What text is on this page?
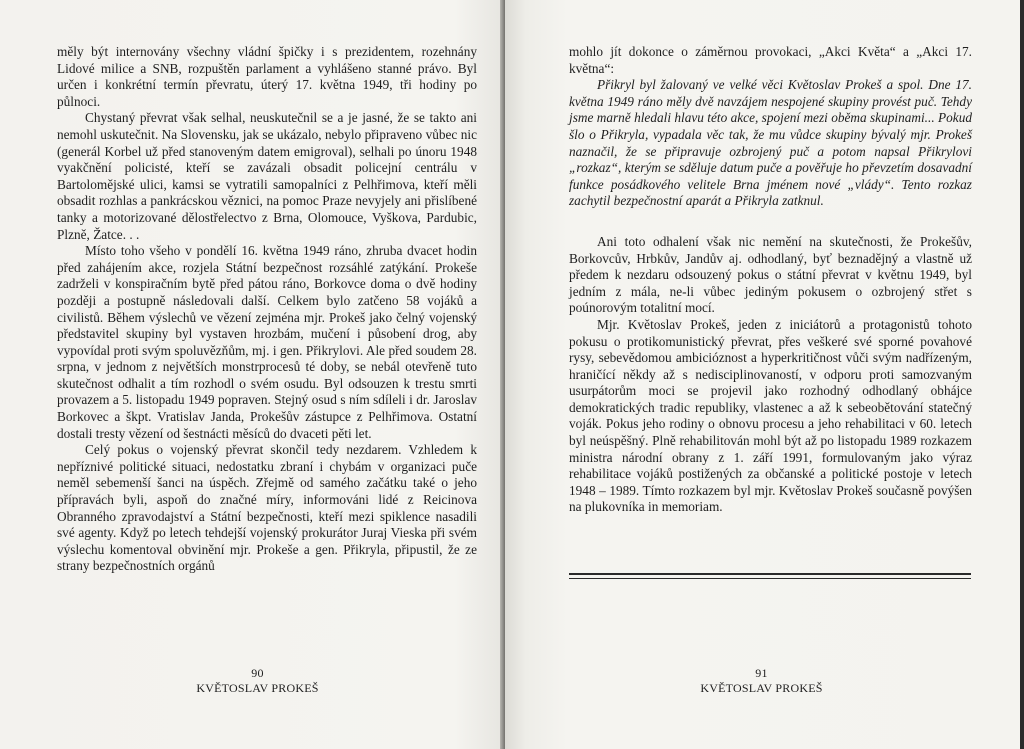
měly být internovány všechny vládní špičky i s prezidentem, rozehnány Lidové milice a SNB, rozpuštěn parlament a vyhlášeno stanné právo. Byl určen i konkrétní termín převratu, úterý 17. května 1949, tři hodiny po půlnoci.

Chystaný převrat však selhal, neuskutečnil se a je jasné, že se takto ani nemohl uskutečnit. Na Slovensku, jak se ukázalo, nebylo připraveno vůbec nic (generál Korbel už před stanoveným datem emigroval), selhali po únoru 1948 vyakčnění policisté, kteří se zavázali obsadit policejní centrálu v Bartolomějské ulici, kamsi se vytratili samopalníci z Pelhřimova, kteří měli obsadit rozhlas a pankrácskou věznici, na pomoc Praze nevyjely ani přislíbené tanky a motorizované dělostřelectvo z Brna, Olomouce, Vyškova, Pardubic, Plzně, Žatce. . .

Místo toho všeho v pondělí 16. května 1949 ráno, zhruba dvacet hodin před zahájením akce, rozjela Státní bezpečnost rozsáhlé zatýkání. Prokeše zadrželi v konspiračním bytě před pátou ráno, Borkovce doma o dvě hodiny později a postupně následovali další. Celkem bylo zatčeno 58 vojáků a civilistů. Během výslechů ve vězení zejména mjr. Prokeš jako čelný vojenský představitel skupiny byl vystaven hrozbám, mučení i působení drog, aby vypovídal proti svým spoluvězňům, mj. i gen. Přikrylovi. Ale před soudem 28. srpna, v jednom z největších monstrprocesů té doby, se nebál otevřeně tuto skutečnost odhalit a tím rozhodl o svém osudu. Byl odsouzen k trestu smrti provazem a 5. listopadu 1949 popraven. Stejný osud s ním sdíleli i dr. Jaroslav Borkovec a škpt. Vratislav Janda, Prokešův zástupce z Pelhřimova. Ostatní dostali tresty vězení od šestnácti měsíců do dvaceti pěti let.

Celý pokus o vojenský převrat skončil tedy nezdarem. Vzhledem k nepříznivé politické situaci, nedostatku zbraní i chybám v organizaci puče neměl sebemenší šanci na úspěch. Zřejmě od samého začátku také o jeho přípravách byli, aspoň do značné míry, informováni lidé z Reicinova Obranného zpravodajství a Státní bezpečnosti, kteří mezi spiklence nasadili své agenty. Když po letech tehdejší vojenský prokurátor Juraj Vieska při svém výslechu komentoval obvinění mjr. Prokeše a gen. Přikryla, připustil, že ze strany bezpečnostních orgánů

90
KVĚTOSLAV PROKEŠ

mohlo jít dokonce o záměrnou provokaci, „Akci Květa“ a „Akci 17. května“:

Přikryl byl žalovaný ve velké věci Květoslav Prokeš a spol. Dne 17. května 1949 ráno měly dvě navzájem nespojené skupiny provést puč. Tehdy jsme marně hledali hlavu této akce, spojení mezi oběma skupinami... Pokud šlo o Přikryla, vypadala věc tak, že mu vůdce skupiny bývalý mjr. Prokeš naznačil, že se připravuje ozbrojený puč a potom napsal Přikrylovi „rozkaz“, kterým se sděluje datum puče a pověřuje ho převzetím dosavadní funkce posádkového velitele Brna jménem nové „vlády“. Tento rozkaz zachytil bezpečnostní aparát a Přikryla zatknul.

Ani toto odhalení však nic nemění na skutečnosti, že Prokešův, Borkovcův, Hrbkův, Jandův aj. odhodlaný, byť beznadějný a vlastně už předem k nezdaru odsouzený pokus o státní převrat v květnu 1949, byl jedním z mála, ne-li vůbec jediným pokusem o ozbrojený střet s poúnorovým totalitní mocí.

Mjr. Květoslav Prokeš, jeden z iniciátorů a protagonistů tohoto pokusu o protikomunistický převrat, přes veškeré své sporné povahové rysy, sebevědomou ambicióznost a hyperkritičnost vůči svým nadřízeným, hraničící někdy až s nedisciplinovaností, v odporu proti samozvaným usurpátorům moci se projevil jako rozhodný odhodlaný obhájce demokratických tradic republiky, vlastenec a až k sebeobětování statečný voják. Pokus jeho rodiny o obnovu procesu a jeho rehabilitaci v 60. letech byl neúspěšný. Plně rehabilitován mohl být až po listopadu 1989 rozkazem ministra národní obrany z 1. září 1991, formulovaným jako výraz rehabilitace vojáků postižených za občanské a politické postoje v letech 1948 – 1989. Tímto rozkazem byl mjr. Květoslav Prokeš současně povýšen na plukovníka in memoriam.

91
KVĚTOSLAV PROKEŠ
